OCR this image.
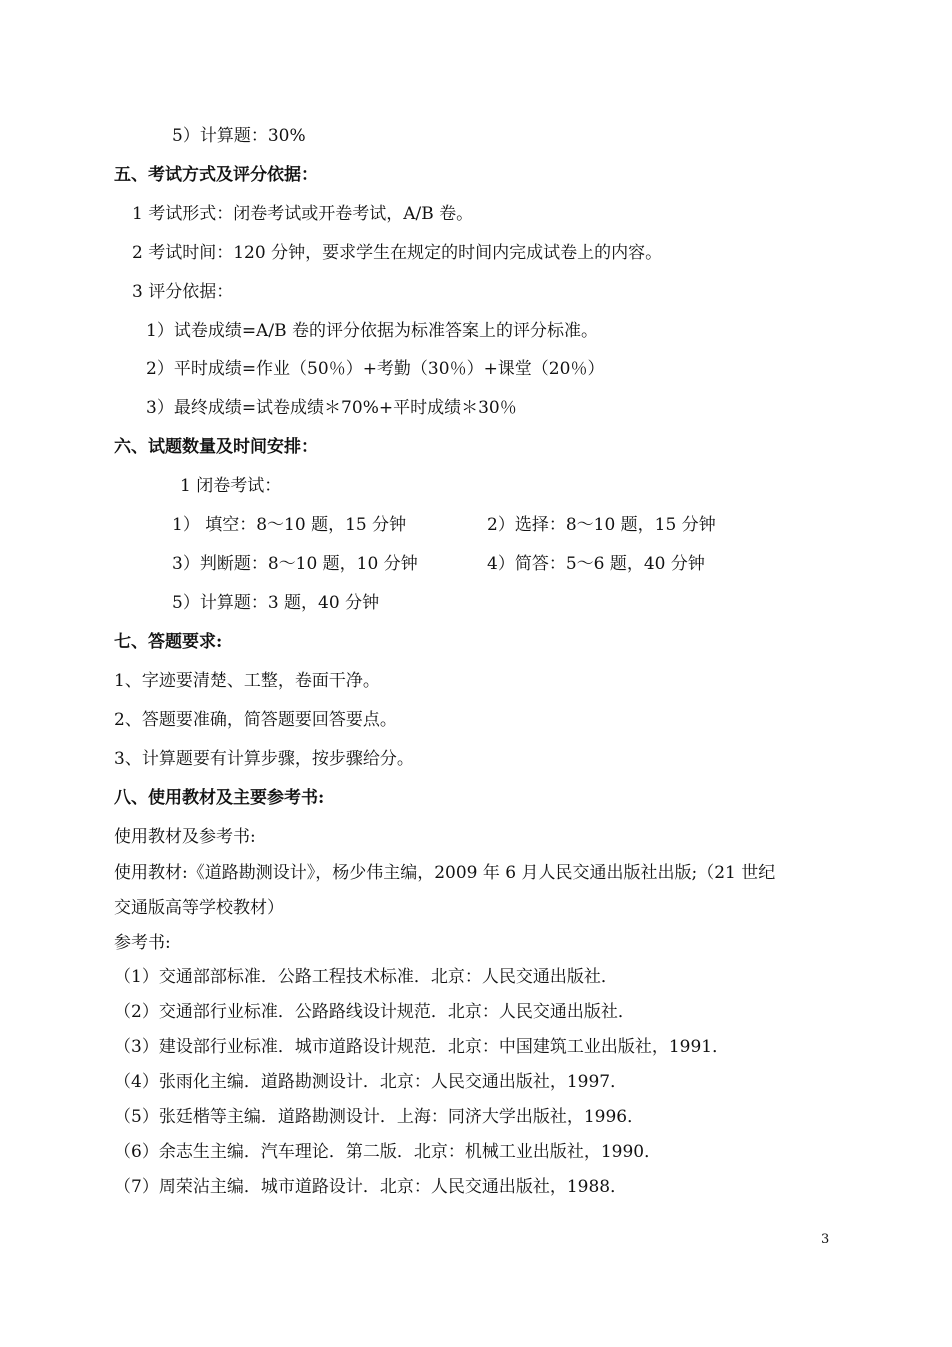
5）计算题：30%
五、考试方式及评分依据：
1 考试形式：闭卷考试或开卷考试，A/B 卷。
2 考试时间：120 分钟，要求学生在规定的时间内完成试卷上的内容。
3 评分依据：
1）试卷成绩=A/B 卷的评分依据为标准答案上的评分标准。
2）平时成绩=作业（50％）+考勤（30％）+课堂（20％）
3）最终成绩=试卷成绩＊70%+平时成绩＊30％
六、试题数量及时间安排：
1 闭卷考试：
1） 填空：8～10 题，15 分钟	2）选择：8～10 题，15 分钟
3）判断题：8～10 题，10 分钟	4）简答：5～6 题，40 分钟
5）计算题：3 题，40 分钟
七、答题要求:
1、字迹要清楚、工整，卷面干净。
2、答题要准确，简答题要回答要点。
3、计算题要有计算步骤，按步骤给分。
八、使用教材及主要参考书:
使用教材及参考书:
使用教材:《道路勘测设计》，杨少伟主编，2009 年 6 月人民交通出版社出版;（21 世纪
交通版高等学校教材）
参考书:
（1）交通部部标准．公路工程技术标准．北京：人民交通出版社．
（2）交通部行业标准．公路路线设计规范．北京：人民交通出版社．
（3）建设部行业标准．城市道路设计规范．北京：中国建筑工业出版社，1991．
（4）张雨化主编．道路勘测设计．北京：人民交通出版社，1997．
（5）张廷楷等主编．道路勘测设计．上海：同济大学出版社，1996．
（6）余志生主编．汽车理论．第二版．北京：机械工业出版社，1990．
（7）周荣沾主编．城市道路设计．北京：人民交通出版社，1988．
3
